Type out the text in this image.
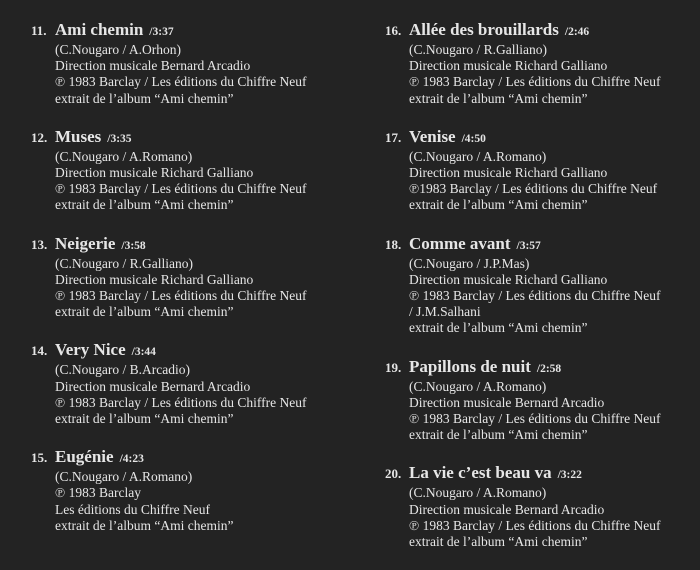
11. Ami chemin /3:37
(C.Nougaro / A.Orhon)
Direction musicale Bernard Arcadio
℗ 1983 Barclay / Les éditions du Chiffre Neuf
extrait de l’album “Ami chemin”
12. Muses /3:35
(C.Nougaro / A.Romano)
Direction musicale Richard Galliano
℗ 1983 Barclay / Les éditions du Chiffre Neuf
extrait de l’album “Ami chemin”
13. Neigerie /3:58
(C.Nougaro / R.Galliano)
Direction musicale Richard Galliano
℗ 1983 Barclay / Les éditions du Chiffre Neuf
extrait de l’album “Ami chemin”
14. Very Nice /3:44
(C.Nougaro / B.Arcadio)
Direction musicale Bernard Arcadio
℗ 1983 Barclay / Les éditions du Chiffre Neuf
extrait de l’album “Ami chemin”
15. Eugénie /4:23
(C.Nougaro / A.Romano)
℗ 1983 Barclay
Les éditions du Chiffre Neuf
extrait de l’album “Ami chemin”
16. Allée des brouillards /2:46
(C.Nougaro / R.Galliano)
Direction musicale Richard Galliano
℗ 1983 Barclay / Les éditions du Chiffre Neuf
extrait de l’album “Ami chemin”
17. Venise /4:50
(C.Nougaro / A.Romano)
Direction musicale Richard Galliano
℗1983 Barclay / Les éditions du Chiffre Neuf
extrait de l’album “Ami chemin”
18. Comme avant /3:57
(C.Nougaro / J.P.Mas)
Direction musicale Richard Galliano
℗ 1983 Barclay / Les éditions du Chiffre Neuf
/ J.M.Salhani
extrait de l’album “Ami chemin”
19. Papillons de nuit /2:58
(C.Nougaro / A.Romano)
Direction musicale Bernard Arcadio
℗ 1983 Barclay / Les éditions du Chiffre Neuf
extrait de l’album “Ami chemin”
20. La vie c’est beau va /3:22
(C.Nougaro / A.Romano)
Direction musicale Bernard Arcadio
℗ 1983 Barclay / Les éditions du Chiffre Neuf
extrait de l’album “Ami chemin”
